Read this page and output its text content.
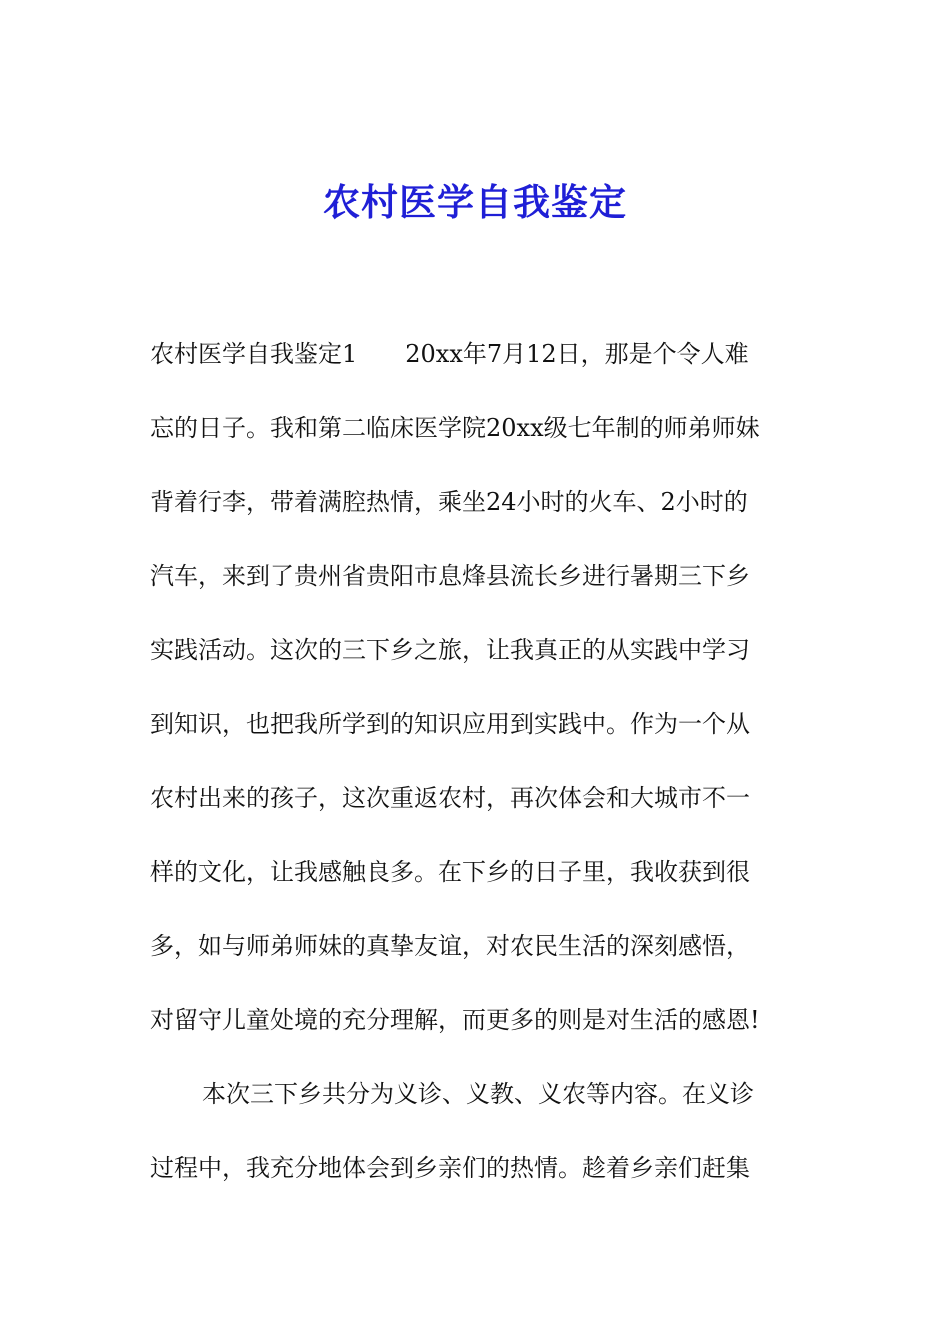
农村医学自我鉴定
农村医学自我鉴定1　　20xx年7月12日，那是个令人难
忘的日子。我和第二临床医学院20xx级七年制的师弟师妹
背着行李，带着满腔热情，乘坐24小时的火车、2小时的
汽车，来到了贵州省贵阳市息烽县流长乡进行暑期三下乡
实践活动。这次的三下乡之旅，让我真正的从实践中学习
到知识，也把我所学到的知识应用到实践中。作为一个从
农村出来的孩子，这次重返农村，再次体会和大城市不一
样的文化，让我感触良多。在下乡的日子里，我收获到很
多，如与师弟师妹的真挚友谊，对农民生活的深刻感悟，
对留守儿童处境的充分理解，而更多的则是对生活的感恩!
本次三下乡共分为义诊、义教、义农等内容。在义诊
过程中，我充分地体会到乡亲们的热情。趁着乡亲们赶集
